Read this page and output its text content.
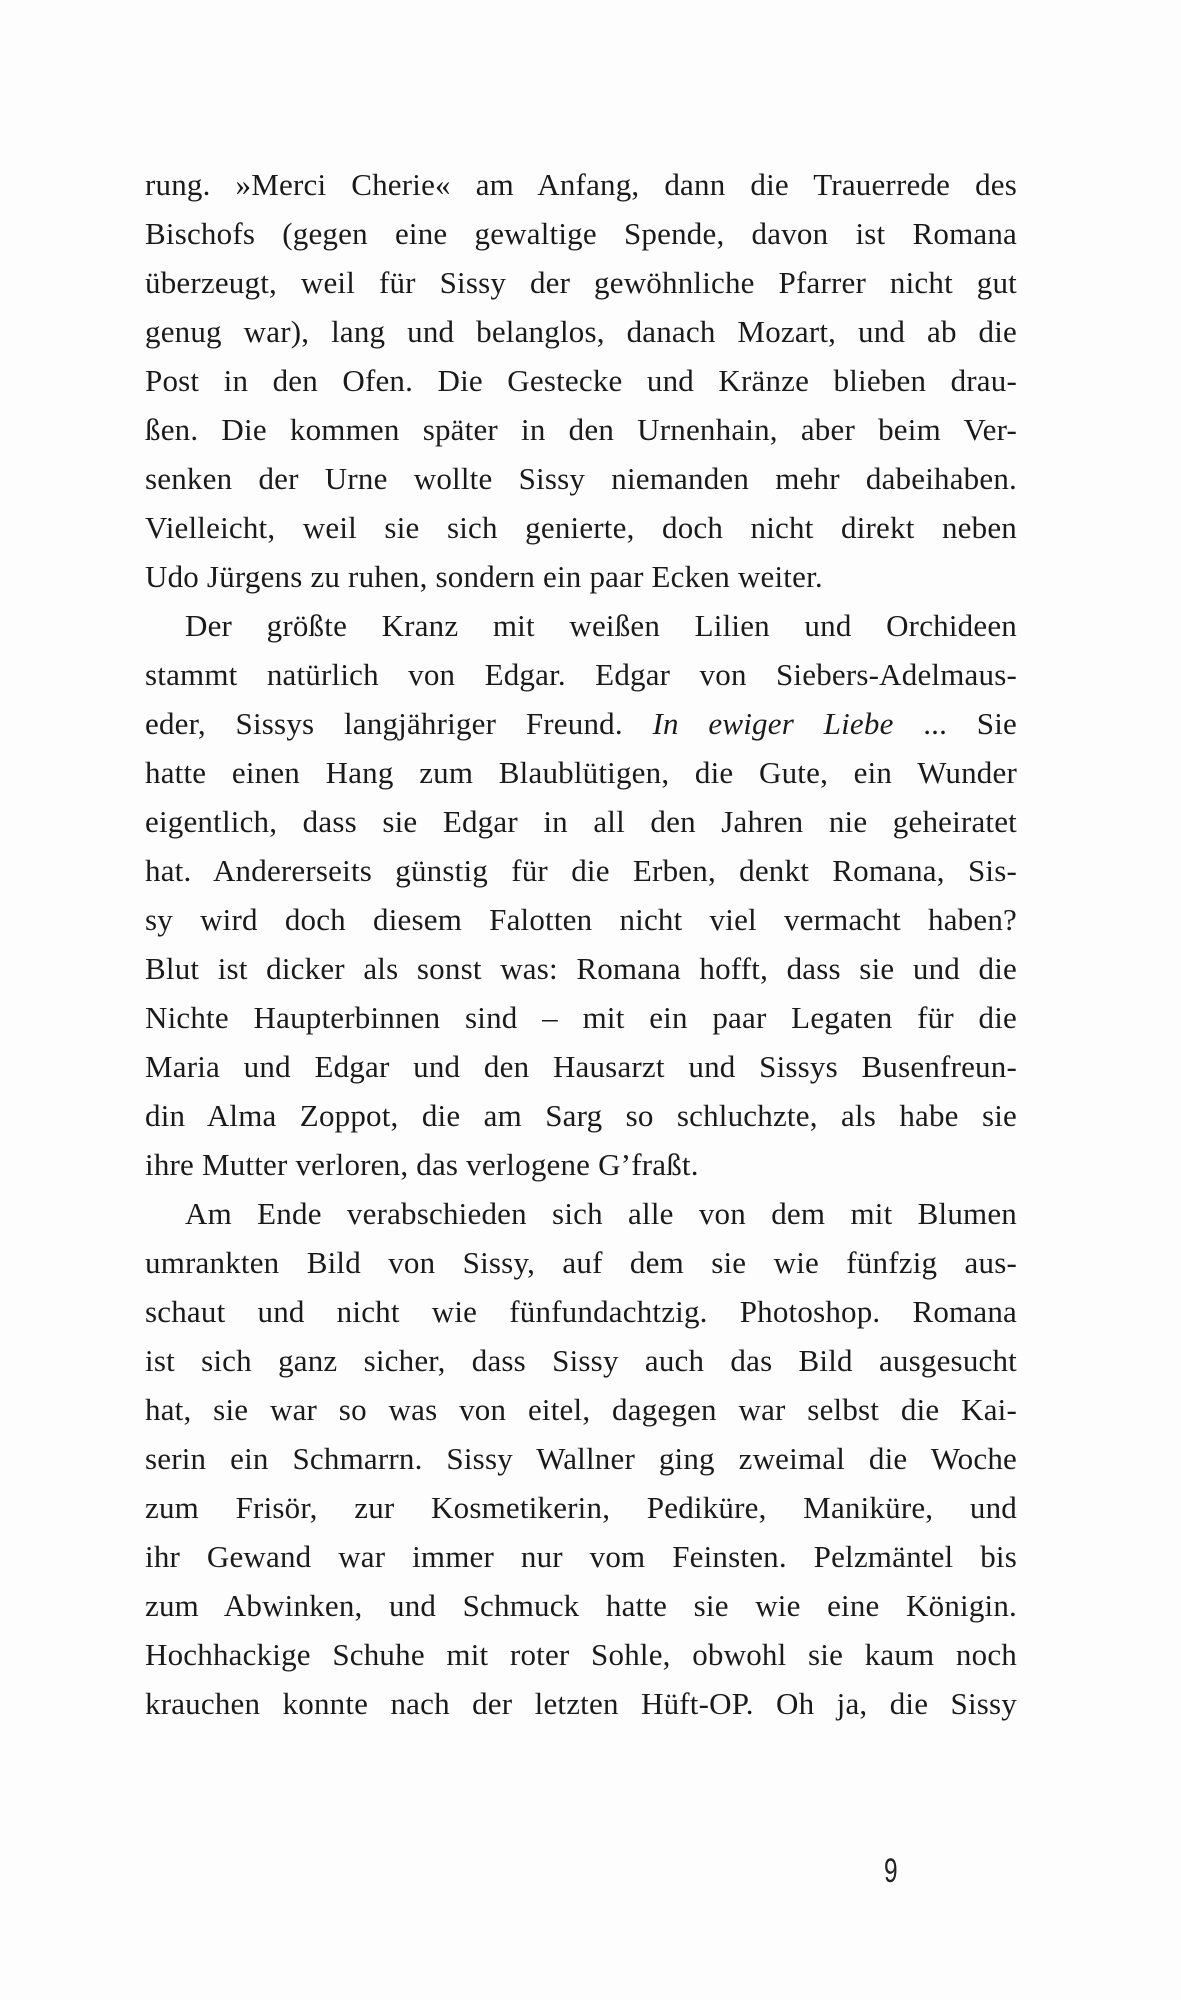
rung. »Merci Cherie« am Anfang, dann die Trauerrede des
Bischofs (gegen eine gewaltige Spende, davon ist Romana
überzeugt, weil für Sissy der gewöhnliche Pfarrer nicht gut
genug war), lang und belanglos, danach Mozart, und ab die
Post in den Ofen. Die Gestecke und Kränze blieben drau-
ßen. Die kommen später in den Urnenhain, aber beim Ver-
senken der Urne wollte Sissy niemanden mehr dabeihaben.
Vielleicht, weil sie sich genierte, doch nicht direkt neben
Udo Jürgens zu ruhen, sondern ein paar Ecken weiter.
Der größte Kranz mit weißen Lilien und Orchideen
stammt natürlich von Edgar. Edgar von Siebers-Adelmaus-
eder, Sissys langjähriger Freund. In ewiger Liebe ... Sie
hatte einen Hang zum Blaublütigen, die Gute, ein Wunder
eigentlich, dass sie Edgar in all den Jahren nie geheiratet
hat. Andererseits günstig für die Erben, denkt Romana, Sis-
sy wird doch diesem Falotten nicht viel vermacht haben?
Blut ist dicker als sonst was: Romana hofft, dass sie und die
Nichte Haupterbinnen sind – mit ein paar Legaten für die
Maria und Edgar und den Hausarzt und Sissys Busenfreun-
din Alma Zoppot, die am Sarg so schluchzte, als habe sie
ihre Mutter verloren, das verlogene G’fraßt.
Am Ende verabschieden sich alle von dem mit Blumen
umrankten Bild von Sissy, auf dem sie wie fünfzig aus-
schaut und nicht wie fünfundachtzig. Photoshop. Romana
ist sich ganz sicher, dass Sissy auch das Bild ausgesucht
hat, sie war so was von eitel, dagegen war selbst die Kai-
serin ein Schmarrn. Sissy Wallner ging zweimal die Woche
zum Frisör, zur Kosmetikerin, Pediküre, Maniküre, und
ihr Gewand war immer nur vom Feinsten. Pelzmäntel bis
zum Abwinken, und Schmuck hatte sie wie eine Königin.
Hochhackige Schuhe mit roter Sohle, obwohl sie kaum noch
krauchen konnte nach der letzten Hüft-OP. Oh ja, die Sissy
9
